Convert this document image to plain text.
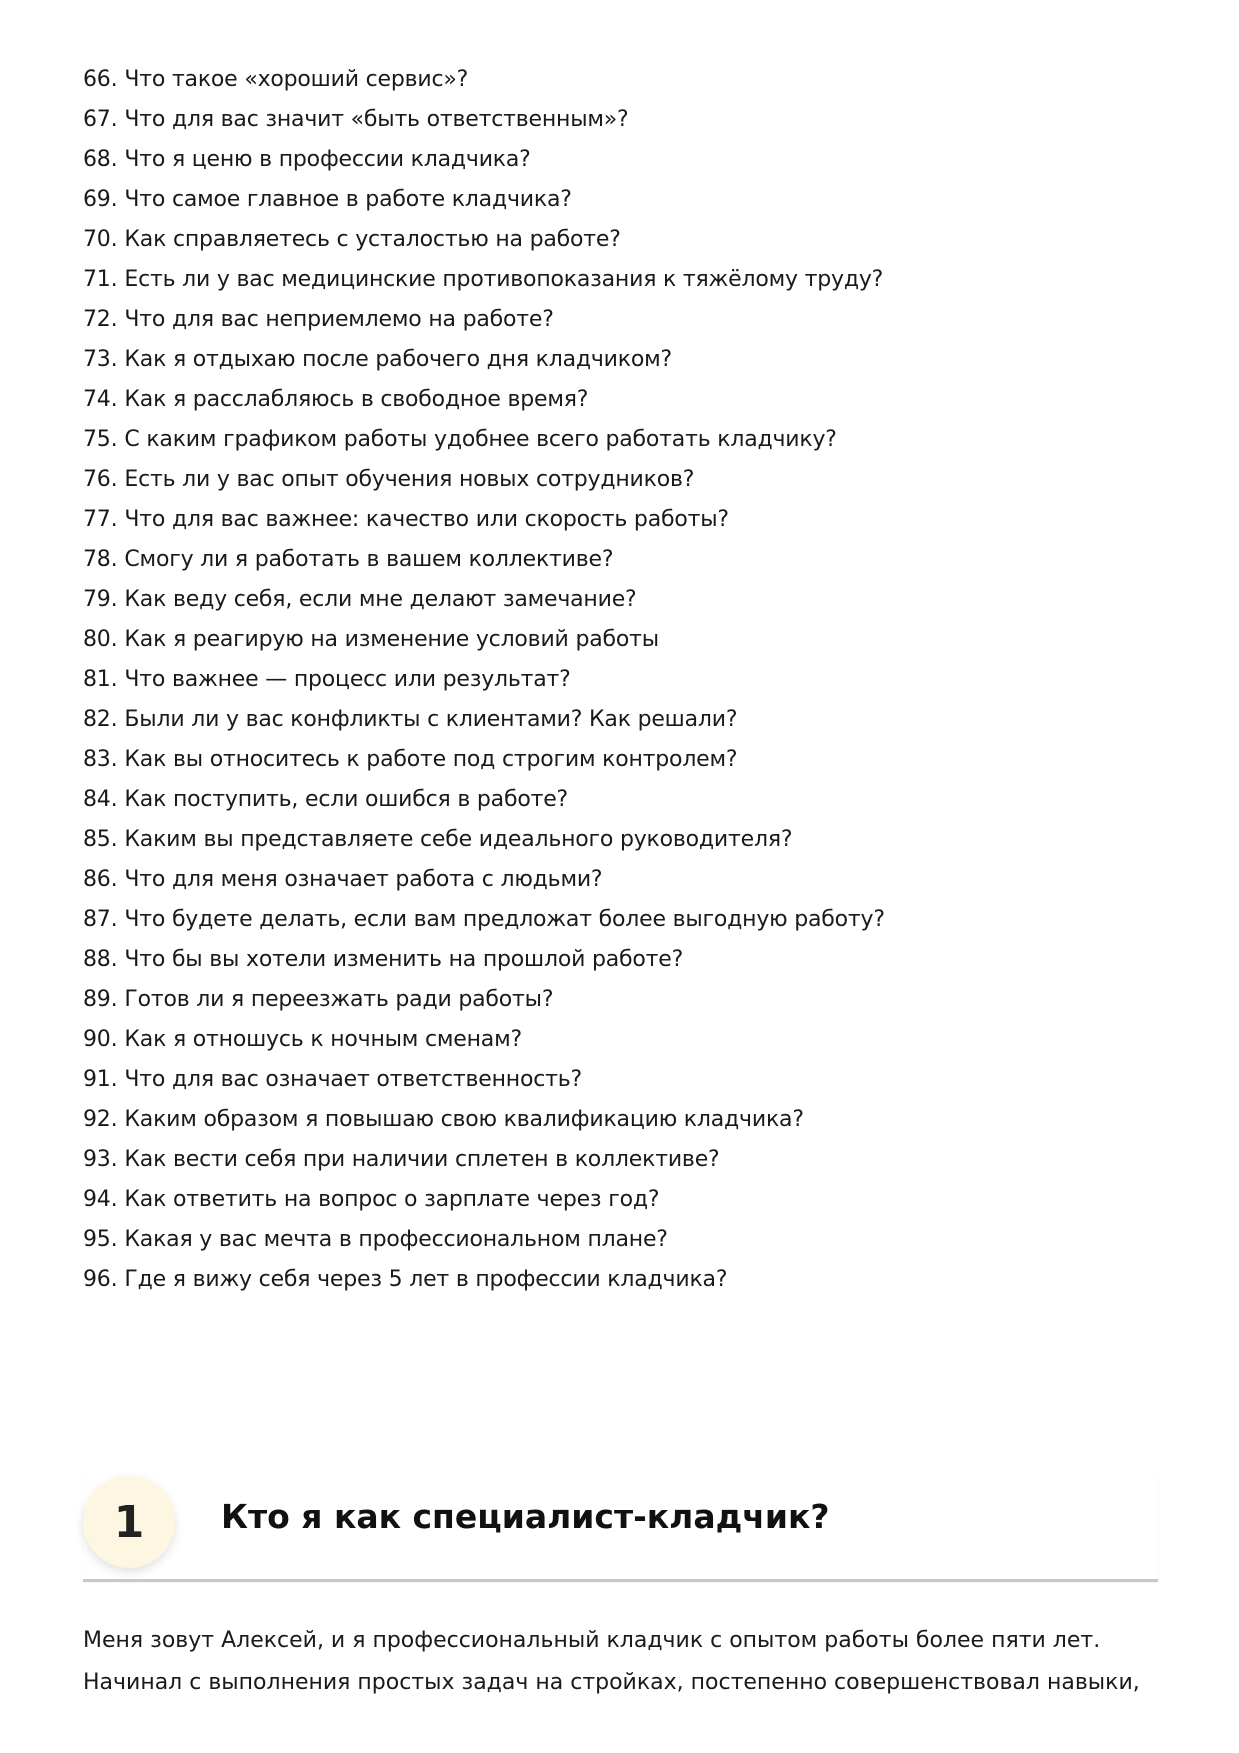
66. Что такое «хороший сервис»?
67. Что для вас значит «быть ответственным»?
68. Что я ценю в профессии кладчика?
69. Что самое главное в работе кладчика?
70. Как справляетесь с усталостью на работе?
71. Есть ли у вас медицинские противопоказания к тяжёлому труду?
72. Что для вас неприемлемо на работе?
73. Как я отдыхаю после рабочего дня кладчиком?
74. Как я расслабляюсь в свободное время?
75. С каким графиком работы удобнее всего работать кладчику?
76. Есть ли у вас опыт обучения новых сотрудников?
77. Что для вас важнее: качество или скорость работы?
78. Смогу ли я работать в вашем коллективе?
79. Как веду себя, если мне делают замечание?
80. Как я реагирую на изменение условий работы
81. Что важнее — процесс или результат?
82. Были ли у вас конфликты с клиентами? Как решали?
83. Как вы относитесь к работе под строгим контролем?
84. Как поступить, если ошибся в работе?
85. Каким вы представляете себе идеального руководителя?
86. Что для меня означает работа с людьми?
87. Что будете делать, если вам предложат более выгодную работу?
88. Что бы вы хотели изменить на прошлой работе?
89. Готов ли я переезжать ради работы?
90. Как я отношусь к ночным сменам?
91. Что для вас означает ответственность?
92. Каким образом я повышаю свою квалификацию кладчика?
93. Как вести себя при наличии сплетен в коллективе?
94. Как ответить на вопрос о зарплате через год?
95. Какая у вас мечта в профессиональном плане?
96. Где я вижу себя через 5 лет в профессии кладчика?
1	Кто я как специалист-кладчик?
Меня зовут Алексей, и я профессиональный кладчик с опытом работы более пяти лет.
Начинал с выполнения простых задач на стройках, постепенно совершенствовал навыки,
